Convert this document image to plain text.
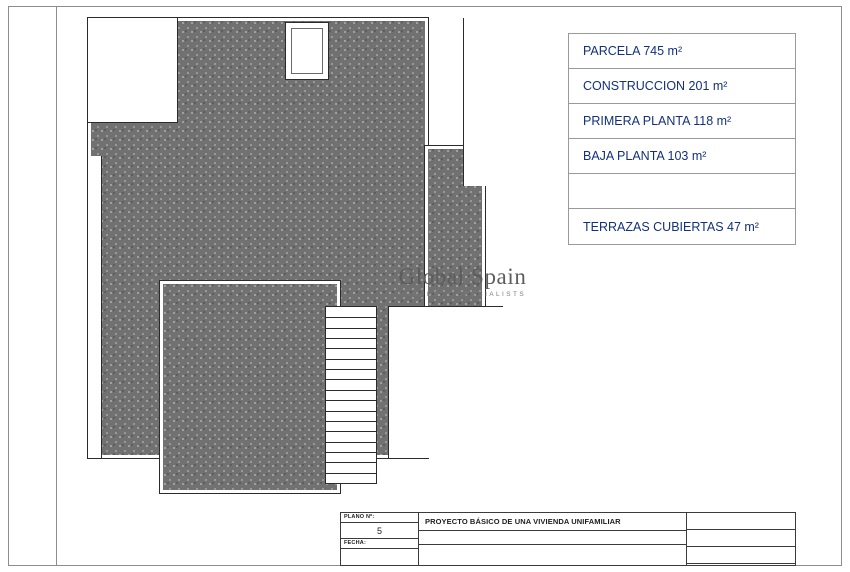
Global Spain
PROPERTY SPECIALISTS
PARCELA 745 m²
CONSTRUCCION 201 m²
PRIMERA PLANTA 118 m²
BAJA PLANTA 103 m²
TERRAZAS CUBIERTAS 47 m²
PLANO Nº:
5
FECHA:
PROYECTO BÁSICO DE UNA VIVIENDA UNIFAMILIAR
